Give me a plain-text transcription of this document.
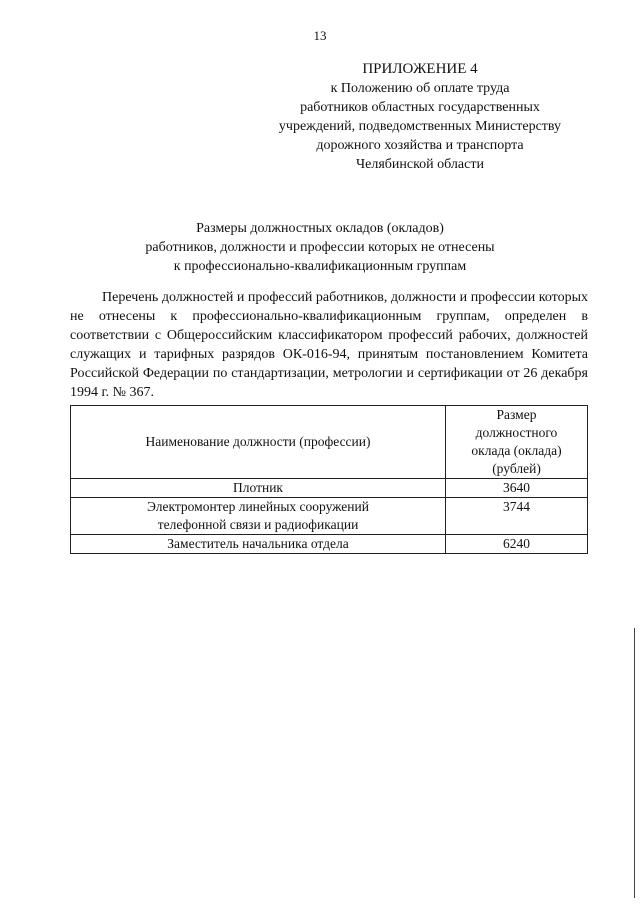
13
ПРИЛОЖЕНИЕ 4
к Положению об оплате труда
работников областных государственных
учреждений, подведомственных Министерству
дорожного хозяйства и транспорта
Челябинской области
Размеры должностных окладов (окладов)
работников, должности и профессии которых не отнесены
к профессионально-квалификационным группам

Перечень должностей и профессий работников, должности и профессии которых не отнесены к профессионально-квалификационным группам, определен в соответствии с Общероссийским классификатором профессий рабочих, должностей служащих и тарифных разрядов ОК-016-94, принятым постановлением Комитета Российской Федерации по стандартизации, метрологии и сертификации от 26 декабря 1994 г. № 367.

Наименование должности (профессии)	Размер
должностного
оклада (оклада)
(рублей)

Плотник	3640

Электромонтер линейных сооружений
телефонной связи и радиофикации	3744

Заместитель начальника отдела	6240
